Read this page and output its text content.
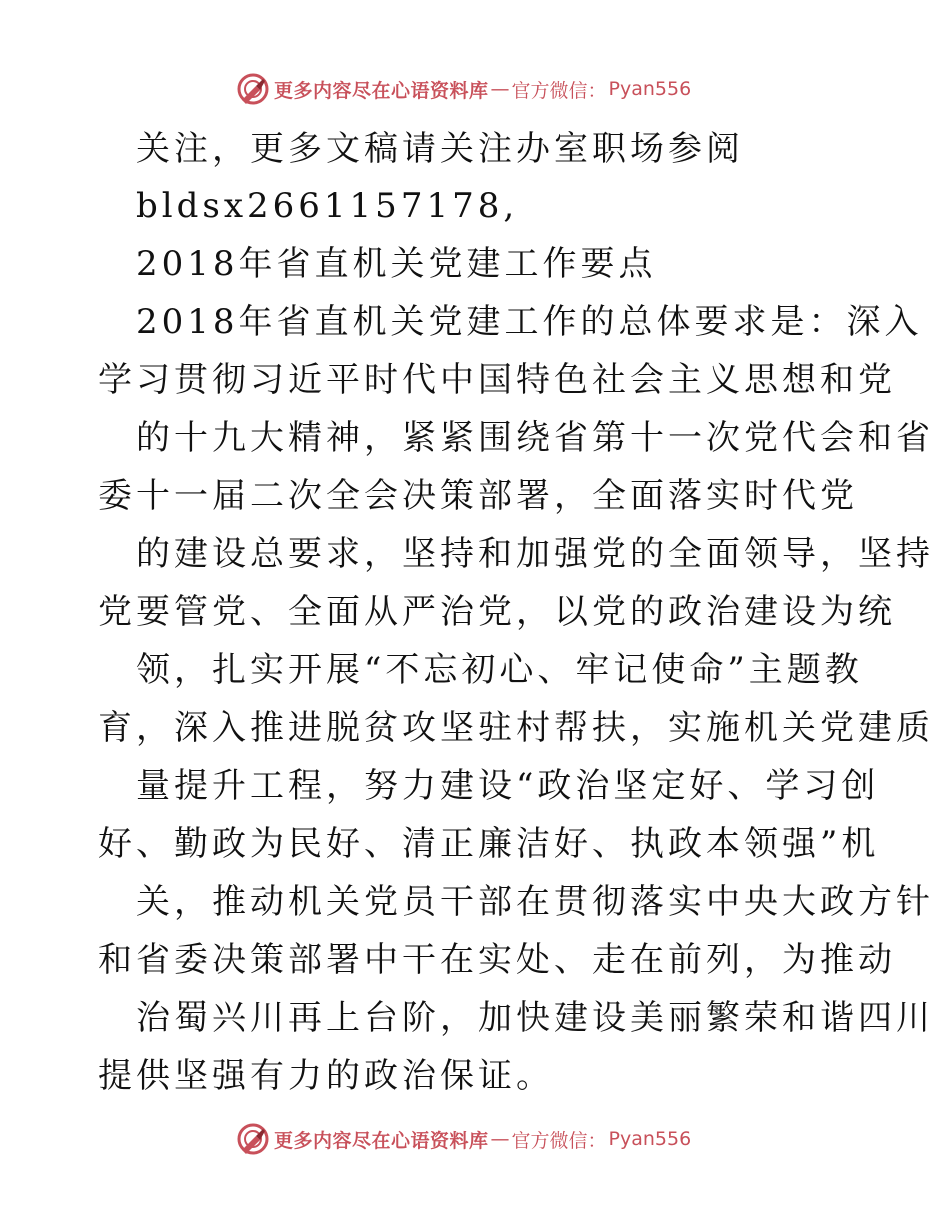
更多内容尽在心语资料库 — 官方微信： Pyan556
关注，更多文稿请关注办室职场参阅
bldsx2661157178,
2018年省直机关党建工作要点
2018年省直机关党建工作的总体要求是：深入
学习贯彻习近平时代中国特色社会主义思想和党
的十九大精神，紧紧围绕省第十一次党代会和省
委十一届二次全会决策部署，全面落实时代党
的建设总要求，坚持和加强党的全面领导，坚持
党要管党、全面从严治党，以党的政治建设为统
领，扎实开展“不忘初心、牢记使命”主题教
育，深入推进脱贫攻坚驻村帮扶，实施机关党建质
量提升工程，努力建设“政治坚定好、学习创
好、勤政为民好、清正廉洁好、执政本领强”机
关，推动机关党员干部在贯彻落实中央大政方针
和省委决策部署中干在实处、走在前列，为推动
治蜀兴川再上台阶，加快建设美丽繁荣和谐四川
提供坚强有力的政治保证。
更多内容尽在心语资料库 — 官方微信： Pyan556
